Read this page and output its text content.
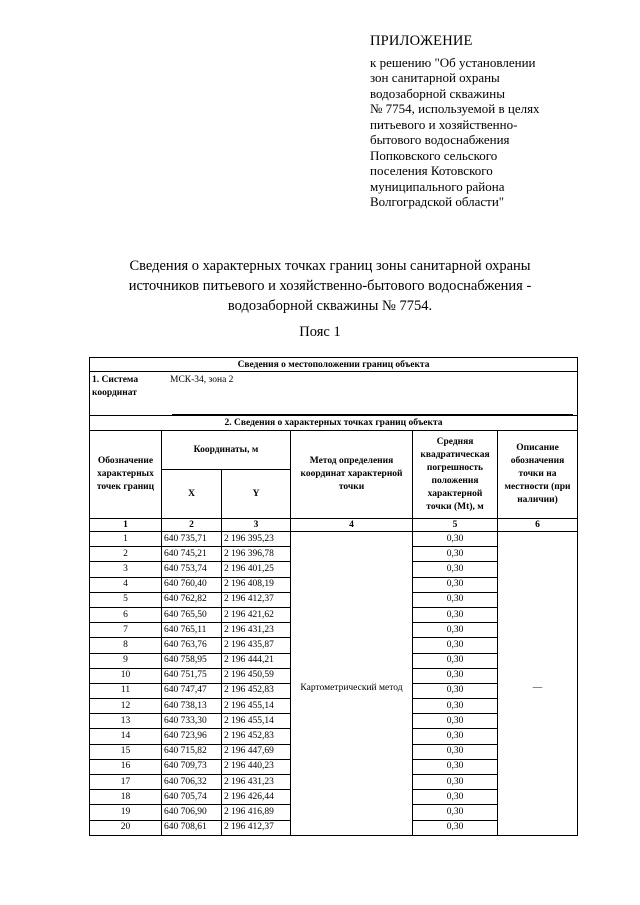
ПРИЛОЖЕНИЕ
к решению "Об установлении
зон санитарной охраны
водозаборной скважины
№ 7754, используемой в целях
питьевого и хозяйственно-
бытового водоснабжения
Попковского сельского
поселения Котовского
муниципального района
Волгоградской области"
Сведения о характерных точках границ зоны санитарной охраны
источников питьевого и хозяйственно-бытового водоснабжения -
водозаборной скважины № 7754.
Пояс 1
Сведения о местоположении границ объекта					

1. Система координат
МСК-34, зона 2					

2. Сведения о характерных точках границ объекта					
Обозначение характерных точек границ	Координаты, м		Метод определения координат характерной точки	Средняя квадратическая погрешность положения характерной точки (Mt), м	Описание обозначения точки на местности (при наличии)
	X	Y			
1	2	3	4	5	6
1	640 735,71	2 196 395,23	Картометрический метод	0,30	—
2	640 745,21	2 196 396,78		0,30	
3	640 753,74	2 196 401,25		0,30	
4	640 760,40	2 196 408,19		0,30	
5	640 762,82	2 196 412,37		0,30	
6	640 765,50	2 196 421,62		0,30	
7	640 765,11	2 196 431,23		0,30	
8	640 763,76	2 196 435,87		0,30	
9	640 758,95	2 196 444,21		0,30	
10	640 751,75	2 196 450,59		0,30	
11	640 747,47	2 196 452,83		0,30	
12	640 738,13	2 196 455,14		0,30	
13	640 733,30	2 196 455,14		0,30	
14	640 723,96	2 196 452,83		0,30	
15	640 715,82	2 196 447,69		0,30	
16	640 709,73	2 196 440,23		0,30	
17	640 706,32	2 196 431,23		0,30	
18	640 705,74	2 196 426,44		0,30	
19	640 706,90	2 196 416,89		0,30	
20	640 708,61	2 196 412,37		0,30	
